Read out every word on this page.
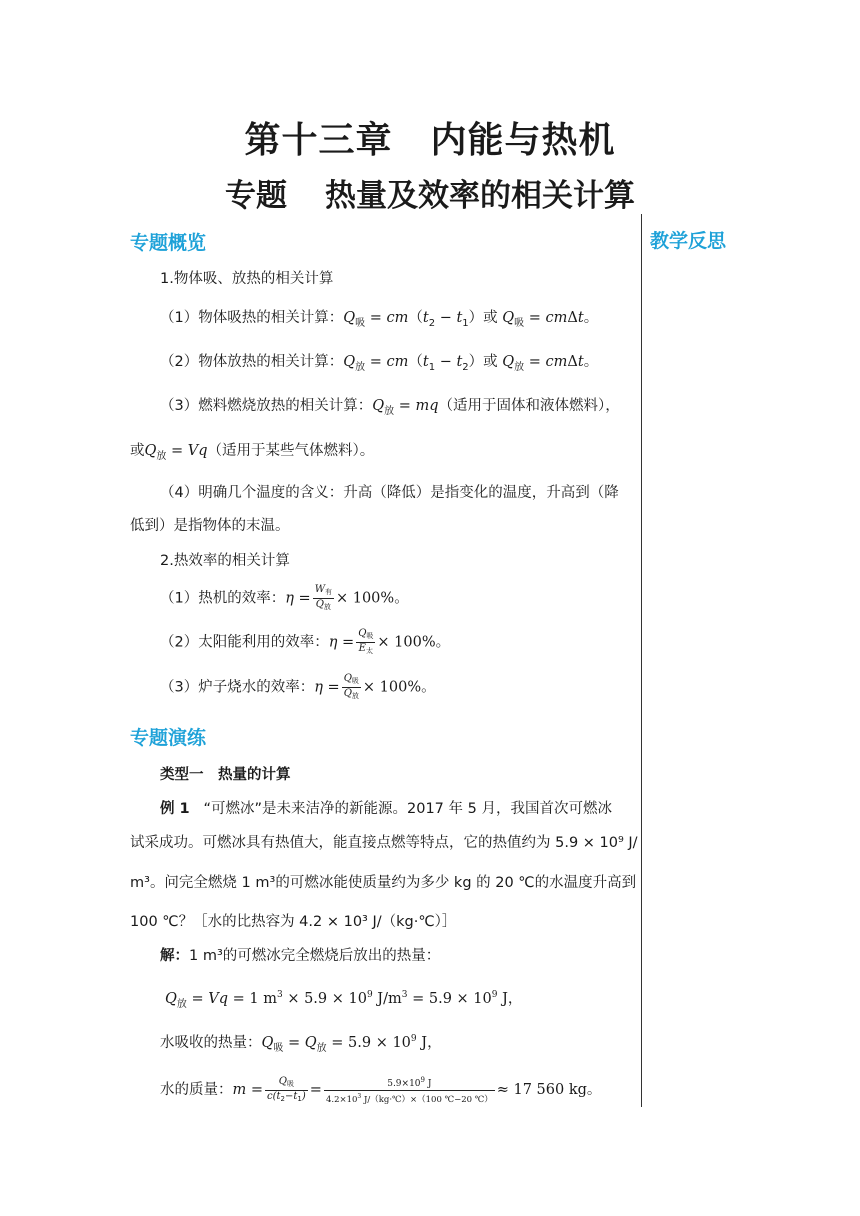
第十三章 内能与热机
专题 热量及效率的相关计算
教学反思
专题概览
1.物体吸、放热的相关计算
（1）物体吸热的相关计算：$Q_吸 = cm(t_2 - t_1)$或 $Q_吸 = cm\Delta t$。
（2）物体放热的相关计算：$Q_放 = cm(t_1 - t_2)$或 $Q_放 = cm\Delta t$。
（3）燃料燃烧放热的相关计算：$Q_放 = mq$（适用于固体和液体燃料），
或$Q_放 = Vq$（适用于某些气体燃料）。
（4）明确几个温度的含义：升高（降低）是指变化的温度，升高到（降
低到）是指物体的末温。
2.热效率的相关计算
（1）热机的效率：$\eta = \frac{W_有}{Q_放} \times 100\%$。
（2）太阳能利用的效率：$\eta = \frac{Q_吸}{E_太} \times 100\%$。
（3）炉子烧水的效率：$\eta = \frac{Q_吸}{Q_放} \times 100\%$。
专题演练
类型一　热量的计算
例 1 “可燃冰”是未来洁净的新能源。2017 年 5 月，我国首次可燃冰
试采成功。可燃冰具有热值大，能直接点燃等特点，它的热值约为 5.9 × 10⁹ J/
m³。问完全燃烧 1 m³的可燃冰能使质量约为多少 kg 的 20 ℃的水温度升高到
100 ℃？［水的比热容为 4.2 × 10³ J/（kg·℃）］
解：1 m³的可燃冰完全燃烧后放出的热量：
$Q_放 = Vq = 1$ $m^3 \times 5.9 \times 10^9$ $J/m^3 = 5.9 \times 10^9$ J，
水吸收的热量：$Q_吸 = Q_放 = 5.9 \times 10^9$ J，
水的质量：$m = \frac{Q_吸}{c(t_2-t_1)} = \frac{5.9\times 10^9 J}{4.2\times 10^3 J/(kg\cdot℃)\times(100 ℃-20 ℃)} \approx 17$ 560 kg。
